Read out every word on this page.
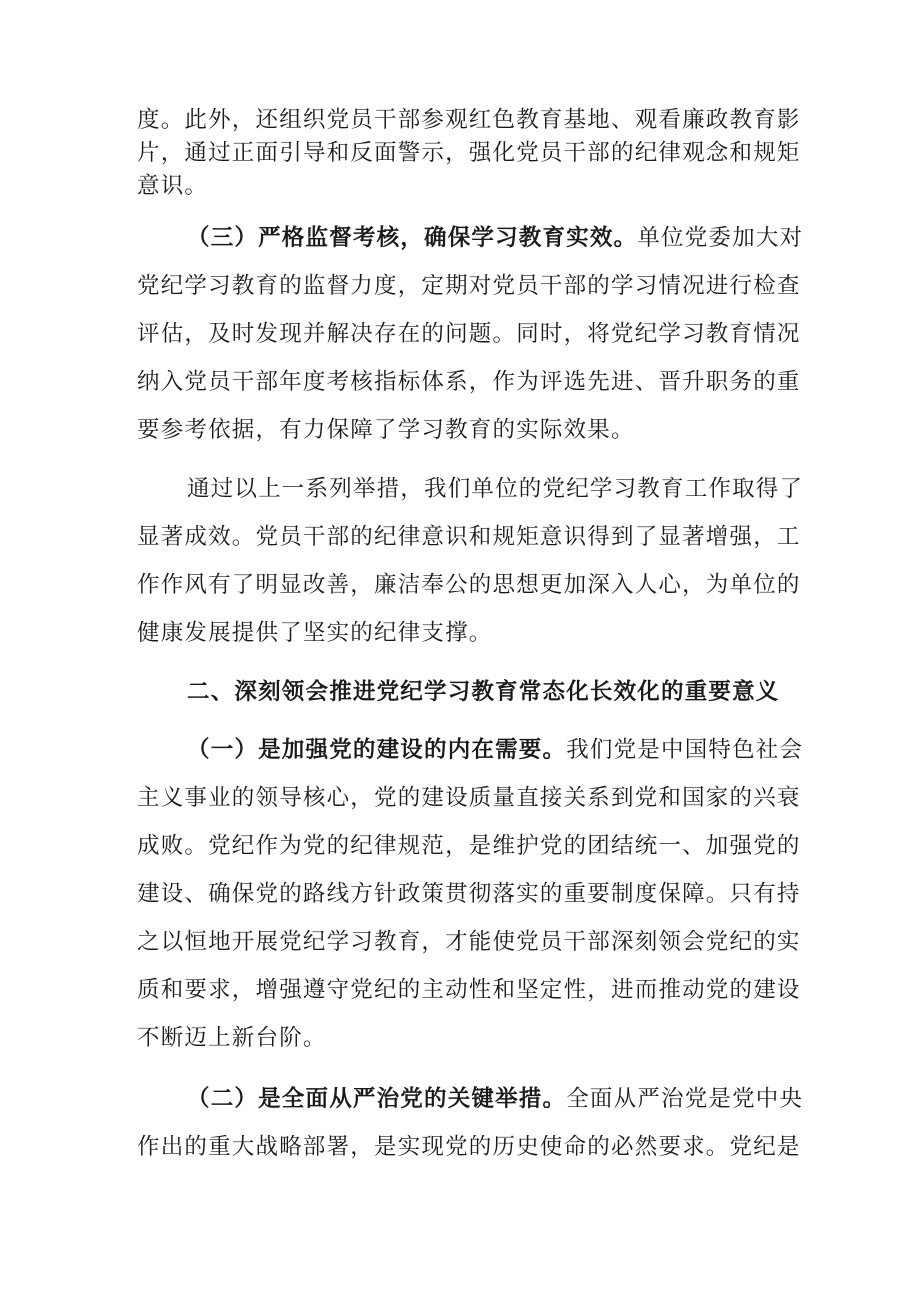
度。此外，还组织党员干部参观红色教育基地、观看廉政教育影
片，通过正面引导和反面警示，强化党员干部的纪律观念和规矩
意识。
（三）严格监督考核，确保学习教育实效。单位党委加大对
党纪学习教育的监督力度，定期对党员干部的学习情况进行检查
评估，及时发现并解决存在的问题。同时，将党纪学习教育情况
纳入党员干部年度考核指标体系，作为评选先进、晋升职务的重
要参考依据，有力保障了学习教育的实际效果。
通过以上一系列举措，我们单位的党纪学习教育工作取得了
显著成效。党员干部的纪律意识和规矩意识得到了显著增强，工
作作风有了明显改善，廉洁奉公的思想更加深入人心，为单位的
健康发展提供了坚实的纪律支撑。
二、深刻领会推进党纪学习教育常态化长效化的重要意义
（一）是加强党的建设的内在需要。我们党是中国特色社会
主义事业的领导核心，党的建设质量直接关系到党和国家的兴衰
成败。党纪作为党的纪律规范，是维护党的团结统一、加强党的
建设、确保党的路线方针政策贯彻落实的重要制度保障。只有持
之以恒地开展党纪学习教育，才能使党员干部深刻领会党纪的实
质和要求，增强遵守党纪的主动性和坚定性，进而推动党的建设
不断迈上新台阶。
（二）是全面从严治党的关键举措。全面从严治党是党中央
作出的重大战略部署，是实现党的历史使命的必然要求。党纪是
